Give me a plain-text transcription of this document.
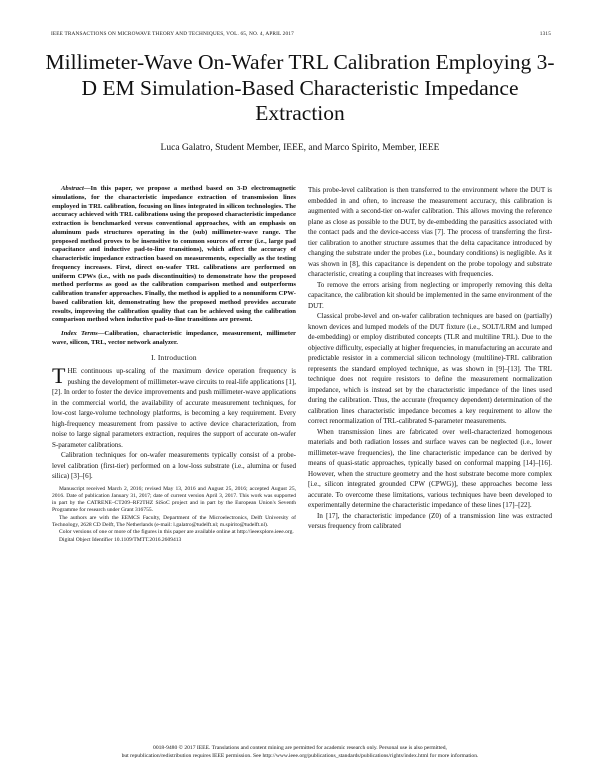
IEEE TRANSACTIONS ON MICROWAVE THEORY AND TECHNIQUES, VOL. 65, NO. 4, APRIL 2017	1315
Millimeter-Wave On-Wafer TRL Calibration Employing 3-D EM Simulation-Based Characteristic Impedance Extraction
Luca Galatro, Student Member, IEEE, and Marco Spirito, Member, IEEE

Abstract—In this paper, we propose a method based on 3-D electromagnetic simulations, for the characteristic impedance extraction of transmission lines employed in TRL calibration, focusing on lines integrated in silicon technologies. The accuracy achieved with TRL calibrations using the proposed characteristic impedance extraction is benchmarked versus conventional approaches, with an emphasis on aluminum pads structures operating in the (sub) millimeter-wave range. The proposed method proves to be insensitive to common sources of error (i.e., large pad capacitance and inductive pad-to-line transitions), which affect the accuracy of characteristic impedance extraction based on measurements, especially as the testing frequency increases. First, direct on-wafer TRL calibrations are performed on uniform CPWs (i.e., with no pads discontinuities) to demonstrate how the proposed method performs as good as the calibration comparison method and outperforms calibration transfer approaches. Finally, the method is applied to a nonuniform CPW-based calibration kit, demonstrating how the proposed method provides accurate results, improving the calibration quality that can be achieved using the calibration comparison method when inductive pad-to-line transitions are present.

Index Terms—Calibration, characteristic impedance, measurement, millimeter wave, silicon, TRL, vector network analyzer.

I. Introduction

THE continuous up-scaling of the maximum device operation frequency is pushing the development of millimeter-wave circuits to real-life applications [1], [2]. In order to foster the device improvements and push millimeter-wave applications in the commercial world, the availability of accurate measurement techniques, for low-cost large-volume technology platforms, is becoming a key requirement. Every high-frequency measurement from passive to active device characterization, from noise to large signal parameters extraction, requires the support of accurate on-wafer S-parameter calibrations.

Calibration techniques for on-wafer measurements typically consist of a probe-level calibration (first-tier) performed on a low-loss substrate (i.e., alumina or fused silica) [3]–[6].

Manuscript received March 2, 2016; revised May 13, 2016 and August 25, 2016; accepted August 25, 2016. Date of publication January 31, 2017; date of current version April 3, 2017. This work was supported in part by the CATRENE–CT209–RF2THZ SiSoC project and in part by the European Union's Seventh Programme for research under Grant 316755.

The authors are with the EEMCS Faculty, Department of the Microelectronics, Delft University of Technology, 2628 CD Delft, The Netherlands (e-mail: l.galatro@tudelft.nl; m.spirito@tudelft.nl).

Color versions of one or more of the figures in this paper are available online at http://ieeexplore.ieee.org.

Digital Object Identifier 10.1109/TMTT.2016.2609413

This probe-level calibration is then transferred to the environment where the DUT is embedded in and often, to increase the measurement accuracy, this calibration is augmented with a second-tier on-wafer calibration. This allows moving the reference plane as close as possible to the DUT, by de-embedding the parasitics associated with the contact pads and the device-access vias [7]. The process of transferring the first-tier calibration to another structure assumes that the delta capacitance introduced by changing the substrate under the probes (i.e., boundary conditions) is negligible. As it was shown in [8], this capacitance is dependent on the probe topology and substrate characteristic, creating a coupling that increases with frequencies.

To remove the errors arising from neglecting or improperly removing this delta capacitance, the calibration kit should be implemented in the same environment of the DUT.

Classical probe-level and on-wafer calibration techniques are based on (partially) known devices and lumped models of the DUT fixture (i.e., SOLT/LRM and lumped de-embedding) or employ distributed concepts (TLR and multiline TRL). Due to the objective difficulty, especially at higher frequencies, in manufacturing an accurate and predictable resistor in a commercial silicon technology (multiline)-TRL calibration represents the standard employed technique, as was shown in [9]–[13]. The TRL technique does not require resistors to define the measurement normalization impedance, which is instead set by the characteristic impedance of the lines used during the calibration. Thus, the accurate (frequency dependent) determination of the calibration lines characteristic impedance becomes a key requirement to allow the correct renormalization of TRL-calibrated S-parameter measurements.

When transmission lines are fabricated over well-characterized homogenous materials and both radiation losses and surface waves can be neglected (i.e., lower millimeter-wave frequencies), the line characteristic impedance can be derived by means of quasi-static approaches, typically based on conformal mapping [14]–[16]. However, when the structure geometry and the host substrate become more complex [i.e., silicon integrated grounded CPW (CPWG)], these approaches become less accurate. To overcome these limitations, various techniques have been developed to experimentally determine the characteristic impedance of these lines [17]–[22].

In [17], the characteristic impedance (Z0) of a transmission line was extracted versus frequency from calibrated

0018-9480 © 2017 IEEE. Translations and content mining are permitted for academic research only. Personal use is also permitted,
but republication/redistribution requires IEEE permission. See http://www.ieee.org/publications_standards/publications/rights/index.html for more information.
